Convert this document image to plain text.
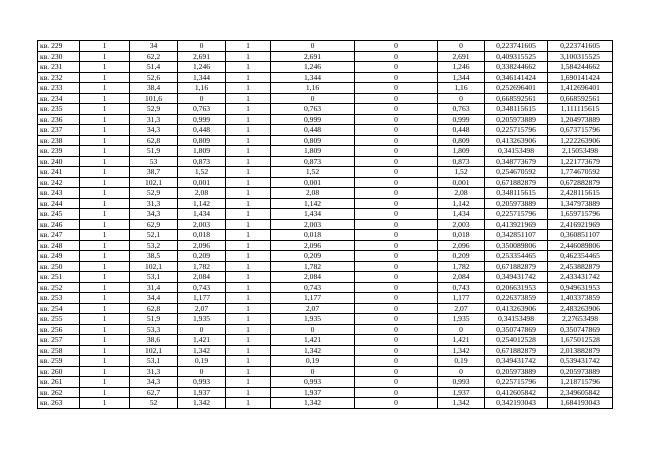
кв. 229	1	34	0	1	0	0	0	0,223741605	0,223741605
кв. 230	1	62,2	2,691	1	2,691	0	2,691	0,409315525	3,100315525
кв. 231	1	51,4	1,246	1	1,246	0	1,246	0,338244662	1,584244662
кв. 232	1	52,6	1,344	1	1,344	0	1,344	0,346141424	1,690141424
кв. 233	1	38,4	1,16	1	1,16	0	1,16	0,252696401	1,412696401
кв. 234	1	101,6	0	1	0	0	0	0,668592561	0,668592561
кв. 235	1	52,9	0,763	1	0,763	0	0,763	0,348115615	1,111115615
кв. 236	1	31,3	0,999	1	0,999	0	0,999	0,205973889	1,204973889
кв. 237	1	34,3	0,448	1	0,448	0	0,448	0,225715796	0,673715796
кв. 238	1	62,8	0,809	1	0,809	0	0,809	0,413263906	1,222263906
кв. 239	1	51,9	1,809	1	1,809	0	1,809	0,34153498	2,15053498
кв. 240	1	53	0,873	1	0,873	0	0,873	0,348773679	1,221773679
кв. 241	1	38,7	1,52	1	1,52	0	1,52	0,254670592	1,774670592
кв. 242	1	102,1	0,001	1	0,001	0	0,001	0,671882879	0,672882879
кв. 243	1	52,9	2,08	1	2,08	0	2,08	0,348115615	2,428115615
кв. 244	1	31,3	1,142	1	1,142	0	1,142	0,205973889	1,347973889
кв. 245	1	34,3	1,434	1	1,434	0	1,434	0,225715796	1,659715796
кв. 246	1	62,9	2,003	1	2,003	0	2,003	0,413921969	2,416921969
кв. 247	1	52,1	0,018	1	0,018	0	0,018	0,342851107	0,360851107
кв. 248	1	53,2	2,096	1	2,096	0	2,096	0,350089806	2,446089806
кв. 249	1	38,5	0,209	1	0,209	0	0,209	0,253354465	0,462354465
кв. 250	1	102,1	1,782	1	1,782	0	1,782	0,671882879	2,453882879
кв. 251	1	53,1	2,084	1	2,084	0	2,084	0,349431742	2,433431742
кв. 252	1	31,4	0,743	1	0,743	0	0,743	0,206631953	0,949631953
кв. 253	1	34,4	1,177	1	1,177	0	1,177	0,226373859	1,403373859
кв. 254	1	62,8	2,07	1	2,07	0	2,07	0,413263906	2,483263906
кв. 255	1	51,9	1,935	1	1,935	0	1,935	0,34153498	2,27653498
кв. 256	1	53,3	0	1	0	0	0	0,350747869	0,350747869
кв. 257	1	38,6	1,421	1	1,421	0	1,421	0,254012528	1,675012528
кв. 258	1	102,1	1,342	1	1,342	0	1,342	0,671882879	2,013882879
кв. 259	1	53,1	0,19	1	0,19	0	0,19	0,349431742	0,539431742
кв. 260	1	31,3	0	1	0	0	0	0,205973889	0,205973889
кв. 261	1	34,3	0,993	1	0,993	0	0,993	0,225715796	1,218715796
кв. 262	1	62,7	1,937	1	1,937	0	1,937	0,412605842	2,349605842
кв. 263	1	52	1,342	1	1,342	0	1,342	0,342193043	1,684193043
